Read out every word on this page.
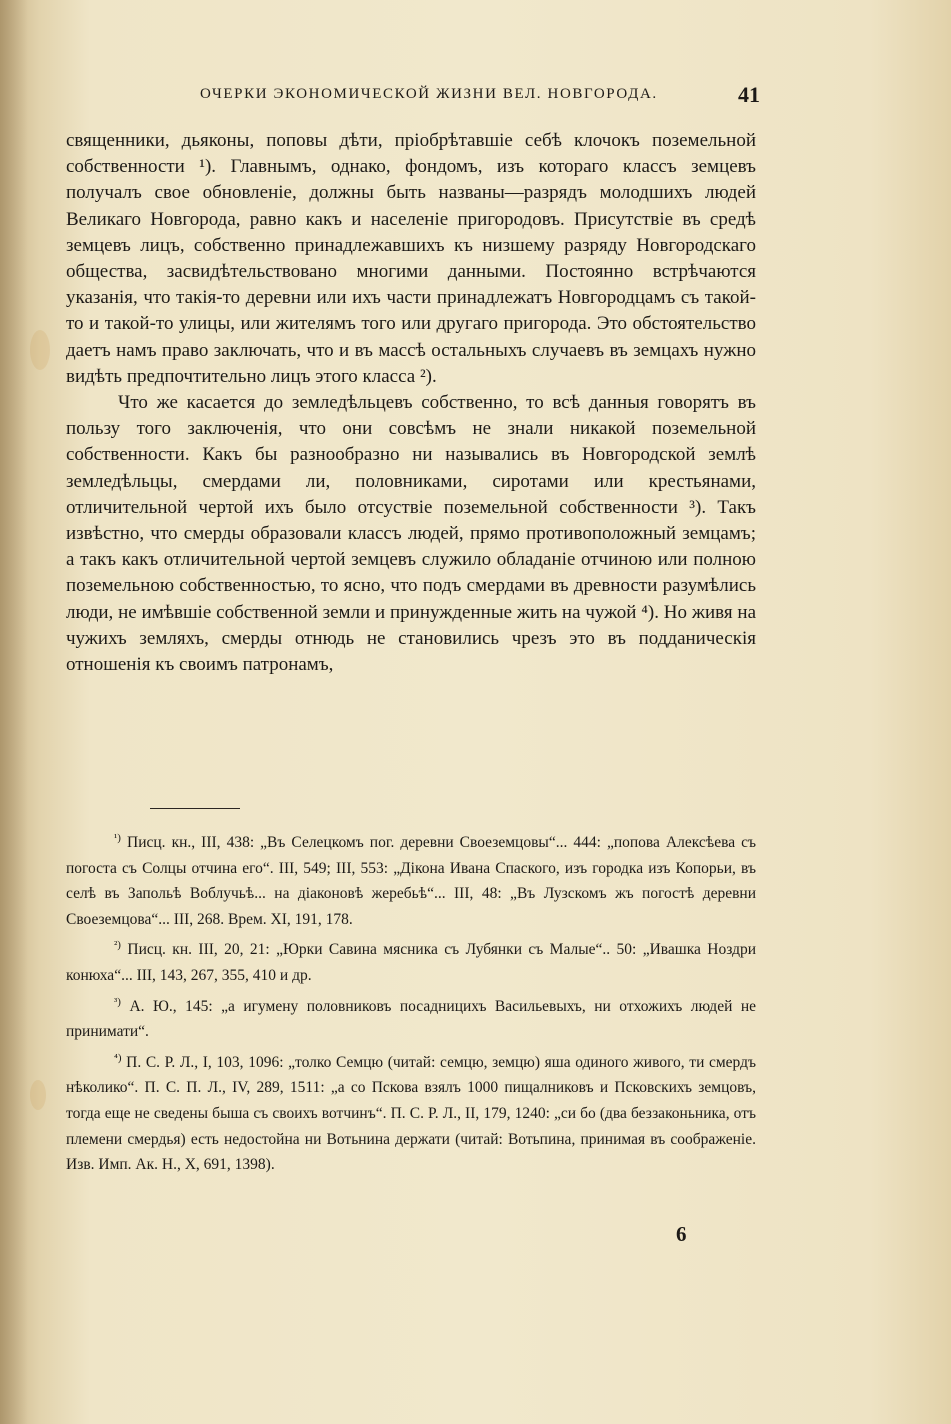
ОЧЕРКИ ЭКОНОМИЧЕСКОЙ ЖИЗНИ ВЕЛ. НОВГОРОДА.	41

священники, дьяконы, поповы дѣти, пріобрѣтавшіе себѣ клочокъ поземельной собственности ¹). Главнымъ, однако, фондомъ, изъ котораго классъ земцевъ получалъ свое обновленіе, должны быть названы—разрядъ молодшихъ людей Великаго Новгорода, равно какъ и населеніе пригородовъ. Присутствіе въ средѣ земцевъ лицъ, собственно принадлежавшихъ къ низшему разряду Новгородскаго общества, засвидѣтельствовано многими данными. Постоянно встрѣчаются указанія, что такія-то деревни или ихъ части принадлежатъ Новгородцамъ съ такой-то и такой-то улицы, или жителямъ того или другаго пригорода. Это обстоятельство даетъ намъ право заключать, что и въ массѣ остальныхъ случаевъ въ земцахъ нужно видѣть предпочтительно лицъ этого класса ²).

Что же касается до земледѣльцевъ собственно, то всѣ данныя говорятъ въ пользу того заключенія, что они совсѣмъ не знали никакой поземельной собственности. Какъ бы разнообразно ни назывались въ Новгородской землѣ земледѣльцы, смердами ли, половниками, сиротами или крестьянами, отличительной чертой ихъ было отсуствіе поземельной собственности ³). Такъ извѣстно, что смерды образовали классъ людей, прямо противоположный земцамъ; а такъ какъ отличительной чертой земцевъ служило обладаніе отчиною или полною поземельною собственностью, то ясно, что подъ смердами въ древности разумѣлись люди, не имѣвшіе собственной земли и принужденные жить на чужой ⁴). Но живя на чужихъ земляхъ, смерды отнюдь не становились чрезъ это въ подданическія отношенія къ своимъ патронамъ,

$^{^1)}$ Писц. кн., III, 438: „Въ Селецкомъ пог. деревни Своеземцовы“... 444: „попова Алексѣева съ погоста съ Солцы отчина его“. III, 549; III, 553: „Дікона Ивана Спаского, изъ городка изъ Копорьи, въ селѣ въ Запольѣ Воблучьѣ... на діаконовѣ жеребьѣ“... III, 48: „Въ Лузскомъ жъ погостѣ деревни Своеземцова“... III, 268. Врем. XI, 191, 178.

$^{^2)}$ Писц. кн. III, 20, 21: „Юрки Савина мясника съ Лубянки съ Малые“.. 50: „Ивашка Ноздри конюха“... III, 143, 267, 355, 410 и др.

$^{^3)}$ А. Ю., 145: „а игумену половниковъ посадницихъ Васильевыхъ, ни отхожихъ людей не принимати“.

$^{^4)}$ П. С. Р. Л., I, 103, 1096: „толко Семцю (читай: семцю, земцю) яша одиного живого, ти смердъ нѣколико“. П. С. П. Л., IV, 289, 1511: „а со Пскова взялъ 1000 пищалниковъ и Псковскихъ земцовъ, тогда еще не сведены быша съ своихъ вотчинъ“. П. С. Р. Л., II, 179, 1240: „си бо (два беззаконьника, отъ племени смердья) есть недостойна ни Вотьнина держати (читай: Вотьпина, принимая въ соображеніе. Изв. Имп. Ак. Н., X, 691, 1398).

6
